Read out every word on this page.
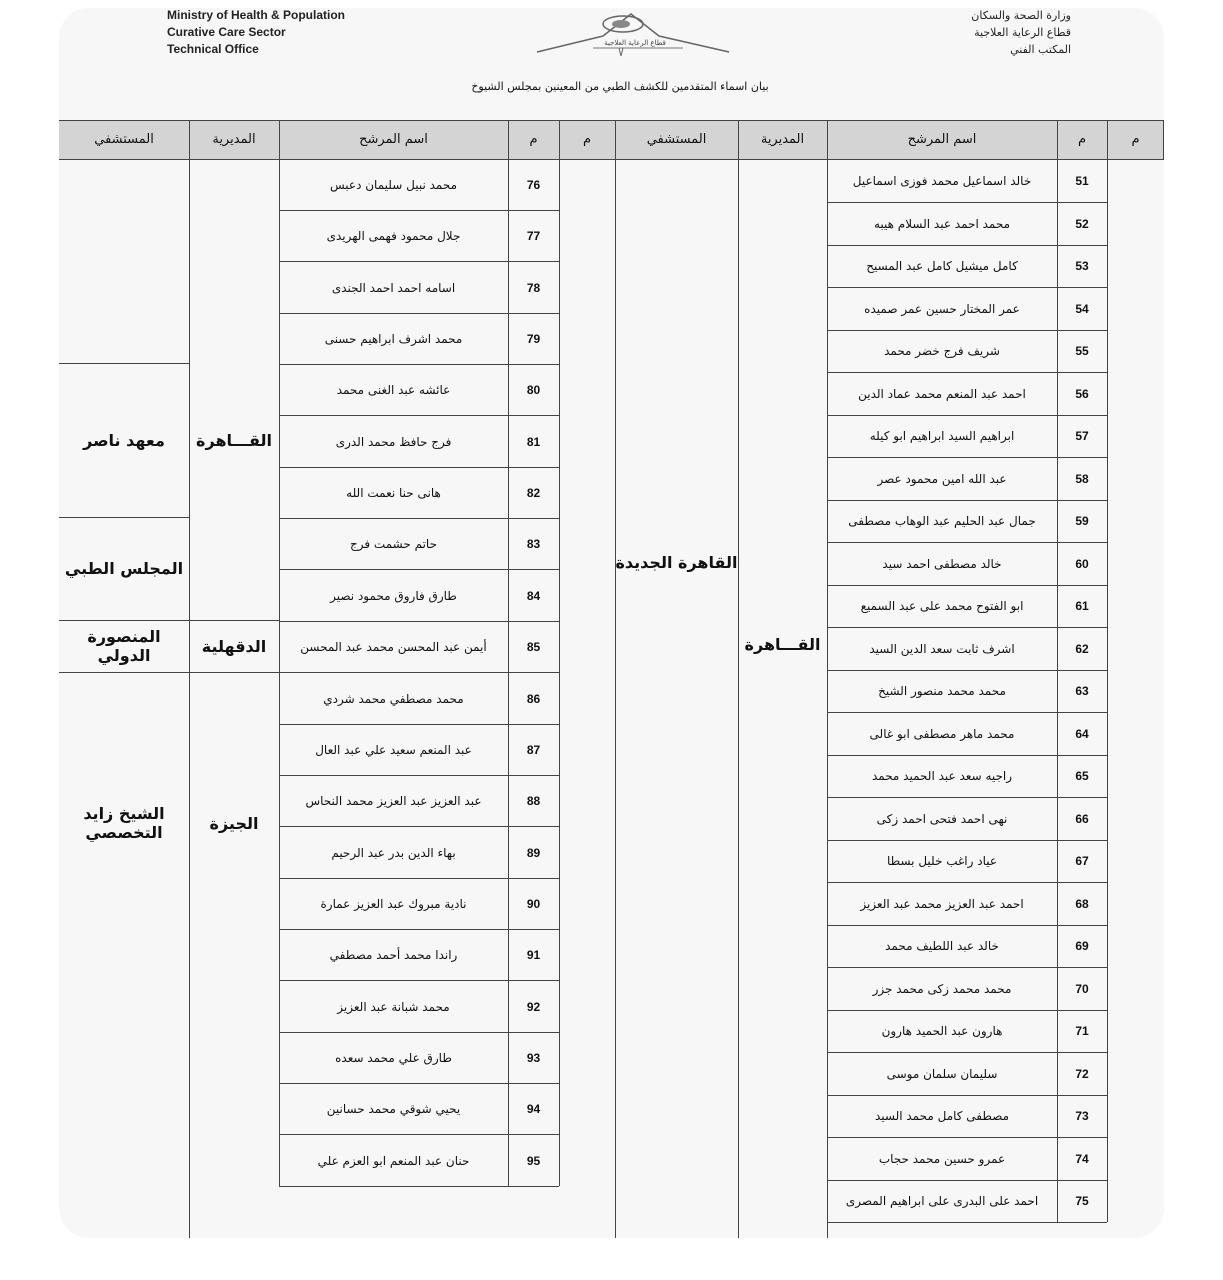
Ministry of Health & Population
Curative Care Sector
Technical Office	قطاع الرعاية العلاجية
وزارة الصحة والسكان
قطاع الرعاية العلاجية
المكتب الفني
بيان اسماء المتقدمين للكشف الطبي من المعينين بمجلس الشيوخ
م
م
اسم المرشح
المديرية
المستشفي
م
م
اسم المرشح
المديرية
المستشفي
القـــاهرة
القاهرة الجديدة
القـــاهرة
الدقهلية
الجيزة
معهد ناصر
المجلس الطبي
المنصورة الدولي
الشيخ زايد التخصصي
51
خالد اسماعيل محمد فوزى اسماعيل
52
محمد احمد عبد السلام هيبه
53
كامل ميشيل كامل عبد المسيح
54
عمر المختار حسين عمر صميده
55
شريف فرج خضر محمد
56
احمد عبد المنعم محمد عماد الدين
57
ابراهيم السيد ابراهيم ابو كيله
58
عبد الله امين محمود عصر
59
جمال عبد الحليم عبد الوهاب مصطفى
60
خالد مصطفى احمد سيد
61
ابو الفتوح محمد على عبد السميع
62
اشرف ثابت سعد الدين السيد
63
محمد محمد منصور الشيخ
64
محمد ماهر مصطفى ابو غالى
65
راجيه سعد عبد الحميد محمد
66
نهى احمد فتحى احمد زكى
67
عياد راغب خليل بسطا
68
احمد عبد العزيز محمد عبد العزيز
69
خالد عبد اللطيف محمد
70
محمد محمد زكى محمد جزر
71
هارون عبد الحميد هارون
72
سليمان سلمان موسى
73
مصطفى كامل محمد السيد
74
عمرو حسين محمد حجاب
75
احمد على البدرى على ابراهيم المصرى
76
محمد نبيل سليمان دعبس
77
جلال محمود فهمى الهريدى
78
اسامه احمد احمد الجندى
79
محمد اشرف ابراهيم حسنى
80
عائشه عبد الغنى محمد
81
فرج حافظ محمد الدرى
82
هانى حنا نعمت الله
83
حاتم حشمت فرج
84
طارق فاروق محمود نصير
85
أيمن عبد المحسن محمد عبد المحسن
86
محمد مصطفي محمد شردي
87
عبد المنعم سعيد علي عبد العال
88
عبد العزيز عبد العزيز محمد النحاس
89
بهاء الدين بدر عبد الرحيم
90
نادية مبروك عبد العزيز عمارة
91
راندا محمد أحمد مصطفي
92
محمد شبانة عبد العزيز
93
طارق علي محمد سعده
94
يحيي شوقي محمد حسانين
95
حنان عبد المنعم ابو العزم علي
